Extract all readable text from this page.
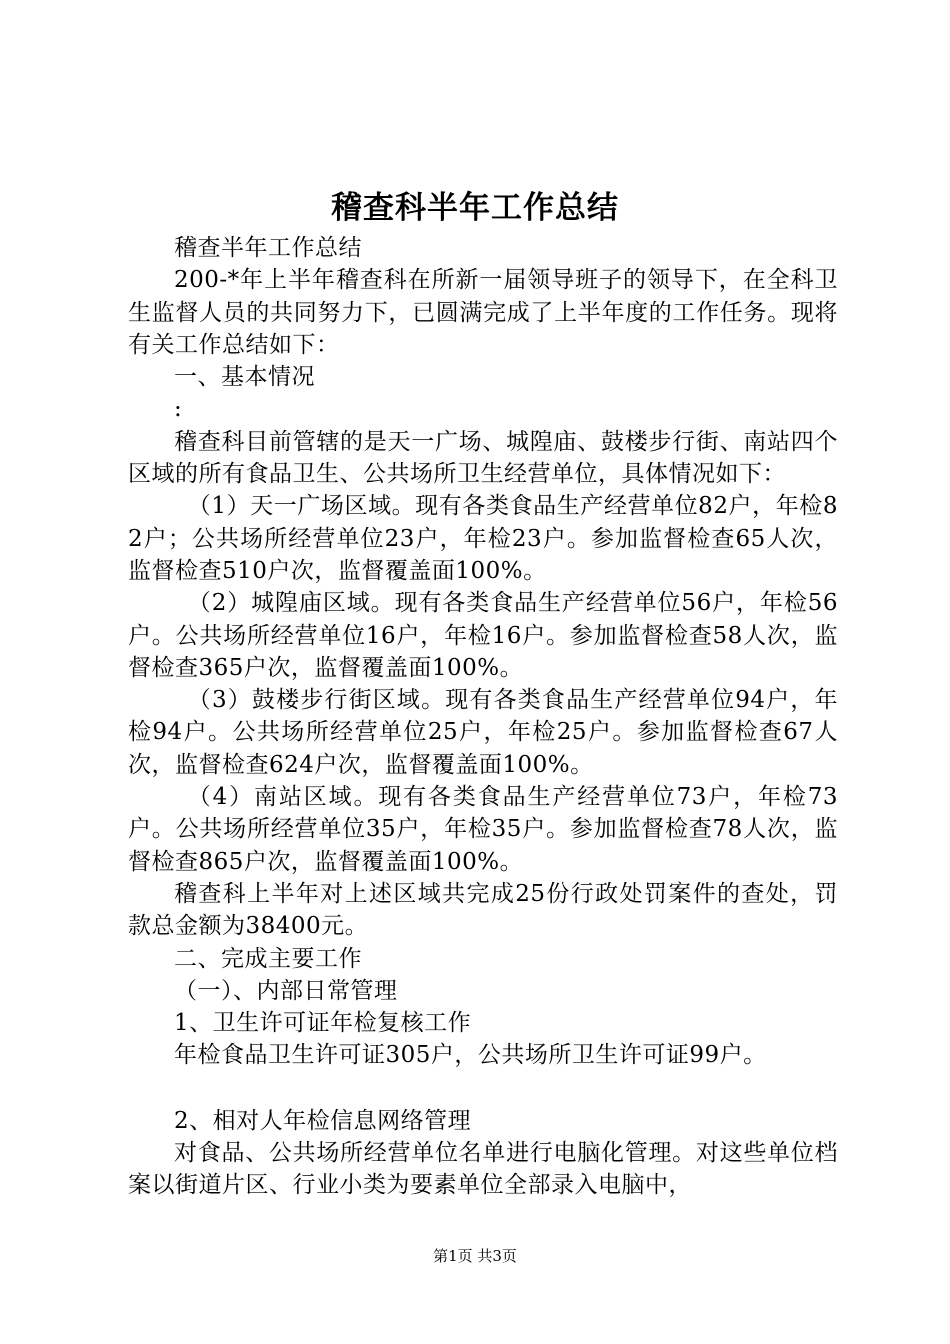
稽查科半年工作总结

稽查半年工作总结

200-*年上半年稽查科在所新一届领导班子的领导下，在全科卫生监督人员的共同努力下，已圆满完成了上半年度的工作任务。现将有关工作总结如下：

一、基本情况

:

稽查科目前管辖的是天一广场、城隍庙、鼓楼步行街、南站四个区域的所有食品卫生、公共场所卫生经营单位，具体情况如下：

（1）天一广场区域。现有各类食品生产经营单位82户，年检82户；公共场所经营单位23户，年检23户。参加监督检查65人次，监督检查510户次，监督覆盖面100%。

（2）城隍庙区域。现有各类食品生产经营单位56户，年检56户。公共场所经营单位16户，年检16户。参加监督检查58人次，监督检查365户次，监督覆盖面100%。

（3）鼓楼步行街区域。现有各类食品生产经营单位94户，年检94户。公共场所经营单位25户，年检25户。参加监督检查67人次，监督检查624户次，监督覆盖面100%。

（4）南站区域。现有各类食品生产经营单位73户，年检73户。公共场所经营单位35户，年检35户。参加监督检查78人次，监督检查865户次，监督覆盖面100%。

稽查科上半年对上述区域共完成25份行政处罚案件的查处，罚款总金额为38400元。

二、完成主要工作

（一）、内部日常管理

1、卫生许可证年检复核工作

年检食品卫生许可证305户，公共场所卫生许可证99户。

2、相对人年检信息网络管理

对食品、公共场所经营单位名单进行电脑化管理。对这些单位档案以街道片区、行业小类为要素单位全部录入电脑中，

第1页 共3页
